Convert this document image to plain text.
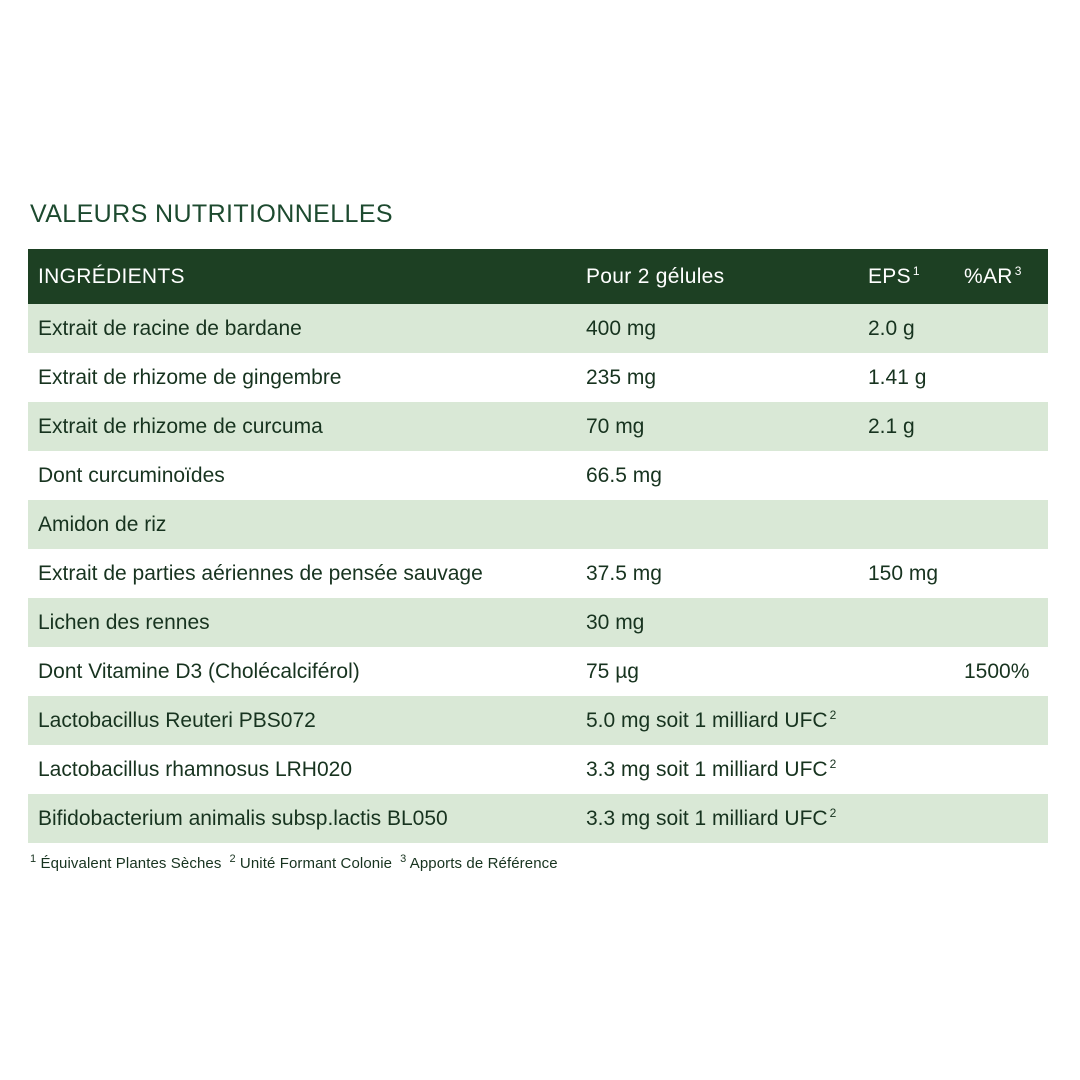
VALEURS NUTRITIONNELLES
INGRÉDIENTS	Pour 2 gélules	EPS $^1$	%AR $^3$
Extrait de racine de bardane	400 mg	2.0 g	
Extrait de rhizome de gingembre	235 mg	1.41 g	
Extrait de rhizome de curcuma	70 mg	2.1 g	
Dont curcuminoïdes	66.5 mg		
Amidon de riz			
Extrait de parties aériennes de pensée sauvage	37.5 mg	150 mg	
Lichen des rennes	30 mg		
Dont Vitamine D3 (Cholécalciférol)	75 µg		1500%
Lactobacillus Reuteri PBS072	5.0 mg soit 1 milliard UFC $^2$		
Lactobacillus rhamnosus LRH020	3.3 mg soit 1 milliard UFC $^2$		
Bifidobacterium animalis subsp.lactis BL050	3.3 mg soit 1 milliard UFC $^2$		
$^1$ Équivalent Plantes Sèches $^2$ Unité Formant Colonie $^3$ Apports de Référence
